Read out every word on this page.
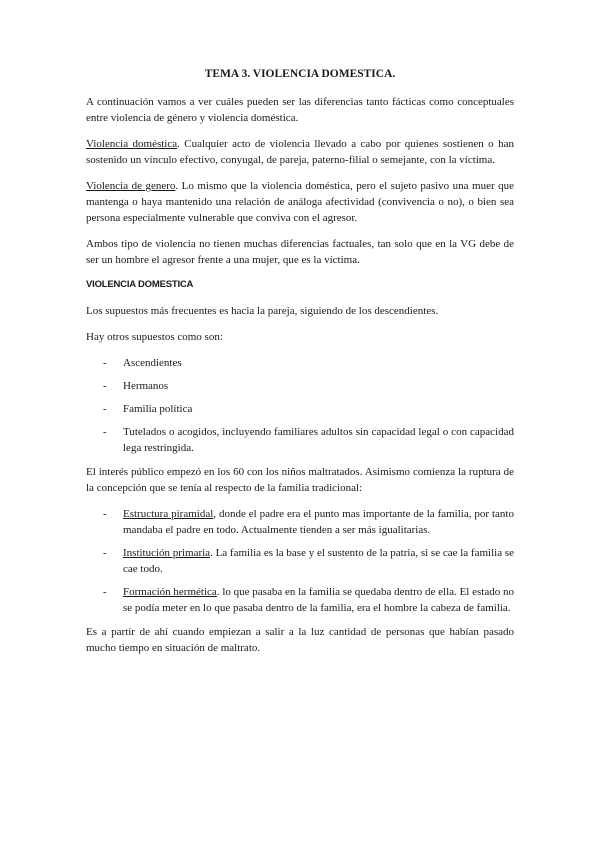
TEMA 3. VIOLENCIA DOMESTICA.

A continuación vamos a ver cuáles pueden ser las diferencias tanto fácticas como conceptuales entre violencia de género y violencia doméstica.

Violencia doméstica. Cualquier acto de violencia llevado a cabo por quienes sostienen o han sostenido un vínculo efectivo, conyugal, de pareja, paterno-filial o semejante, con la víctima.

Violencia de genero. Lo mismo que la violencia doméstica, pero el sujeto pasivo una muer que mantenga o haya mantenido una relación de análoga afectividad (convivencia o no), o bien sea persona especialmente vulnerable que conviva con el agresor.

Ambos tipo de violencia no tienen muchas diferencias factuales, tan solo que en la VG debe de ser un hombre el agresor frente a una mujer, que es la víctima.

VIOLENCIA DOMESTICA

Los supuestos más frecuentes es hacia la pareja, siguiendo de los descendientes.

Hay otros supuestos como son:

- Ascendientes
- Hermanos
- Familia política
- Tutelados o acogidos, incluyendo familiares adultos sin capacidad legal o con capacidad lega restringida.

El interés público empezó en los 60 con los niños maltratados. Asimismo comienza la ruptura de la concepción que se tenía al respecto de la familia tradicional:

- Estructura piramidal, donde el padre era el punto mas importante de la familia, por tanto mandaba el padre en todo. Actualmente tienden a ser más igualitarias.
- Institución primaria. La familia es la base y el sustento de la patria, si se cae la familia se cae todo.
- Formación hermética. lo que pasaba en la familia se quedaba dentro de ella. El estado no se podía meter en lo que pasaba dentro de la familia, era el hombre la cabeza de familia.

Es a partir de ahí cuando empiezan a salir a la luz cantidad de personas que habían pasado mucho tiempo en situación de maltrato.
